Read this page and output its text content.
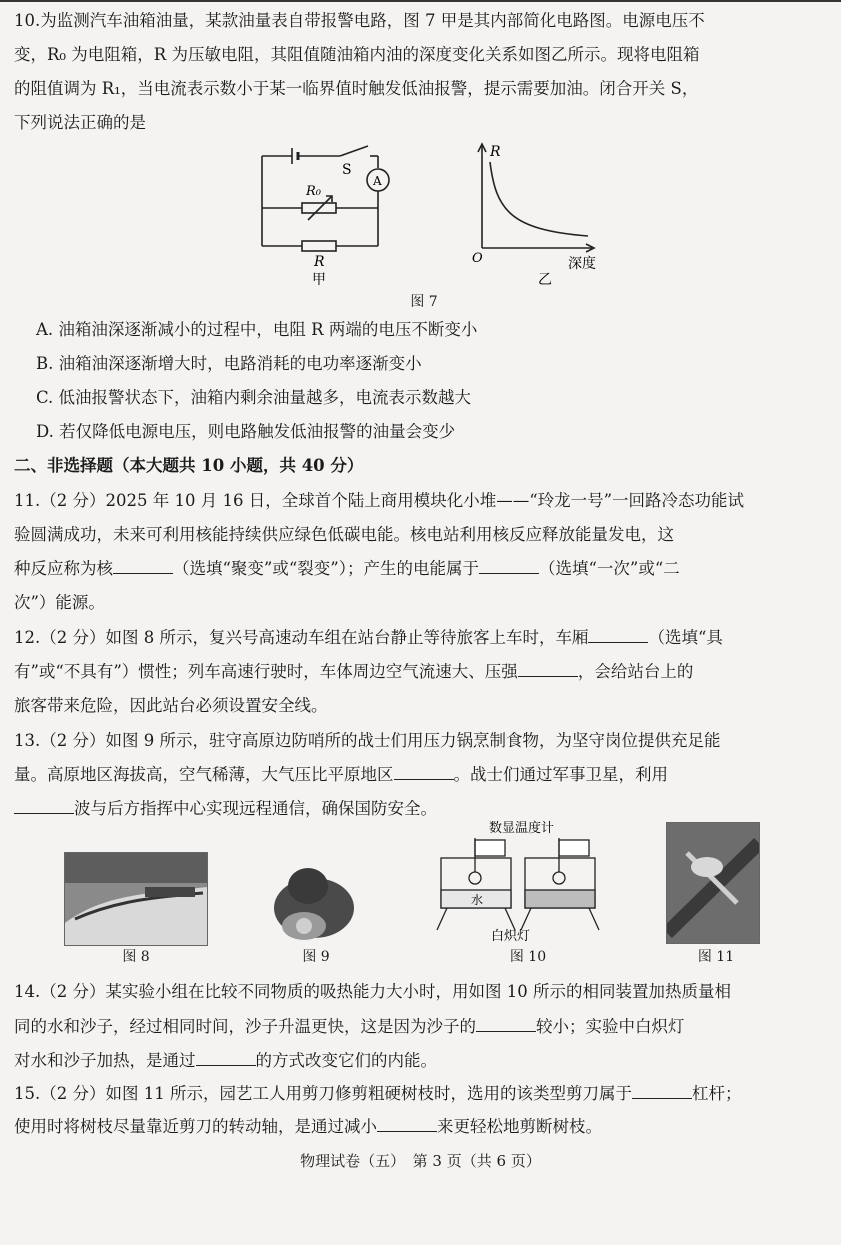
10.为监测汽车油箱油量，某款油量表自带报警电路，图 7 甲是其内部简化电路图。电源电压不

变，R₀ 为电阻箱，R 为压敏电阻，其阻值随油箱内油的深度变化关系如图乙所示。现将电阻箱

的阻值调为 R₁，当电流表示数小于某一临界值时触发低油报警，提示需要加油。闭合开关 S，

下列说法正确的是

S
A
R₀
R
甲
R
O	深度
乙
图 7

A. 油箱油深逐渐减小的过程中，电阻 R 两端的电压不断变小

B. 油箱油深逐渐增大时，电路消耗的电功率逐渐变小

C. 低油报警状态下，油箱内剩余油量越多，电流表示数越大

D. 若仅降低电源电压，则电路触发低油报警的油量会变少

二、非选择题（本大题共 10 小题，共 40 分）

11.（2 分）2025 年 10 月 16 日，全球首个陆上商用模块化小堆——“玲龙一号”一回路冷态功能试

验圆满成功，未来可利用核能持续供应绿色低碳电能。核电站利用核反应释放能量发电，这

种反应称为核	（选填“聚变”或“裂变”）；产生的电能属于	（选填“一次”或“二

次”）能源。

12.（2 分）如图 8 所示，复兴号高速动车组在站台静止等待旅客上车时，车厢	（选填“具

有”或“不具有”）惯性；列车高速行驶时，车体周边空气流速大、压强	，会给站台上的

旅客带来危险，因此站台必须设置安全线。

13.（2 分）如图 9 所示，驻守高原边防哨所的战士们用压力锅烹制食物，为坚守岗位提供充足能

量。高原地区海拔高，空气稀薄，大气压比平原地区	。战士们通过军事卫星，利用

波与后方指挥中心实现远程通信，确保国防安全。

图 8	图 9
数显温度计
水
白炽灯
图 10	图 11

14.（2 分）某实验小组在比较不同物质的吸热能力大小时，用如图 10 所示的相同装置加热质量相

同的水和沙子，经过相同时间，沙子升温更快，这是因为沙子的	较小；实验中白炽灯

对水和沙子加热，是通过	的方式改变它们的内能。

15.（2 分）如图 11 所示，园艺工人用剪刀修剪粗硬树枝时，选用的该类型剪刀属于	杠杆；

使用时将树枝尽量靠近剪刀的转动轴，是通过减小	来更轻松地剪断树枝。

物理试卷（五）　第 3 页（共 6 页）
